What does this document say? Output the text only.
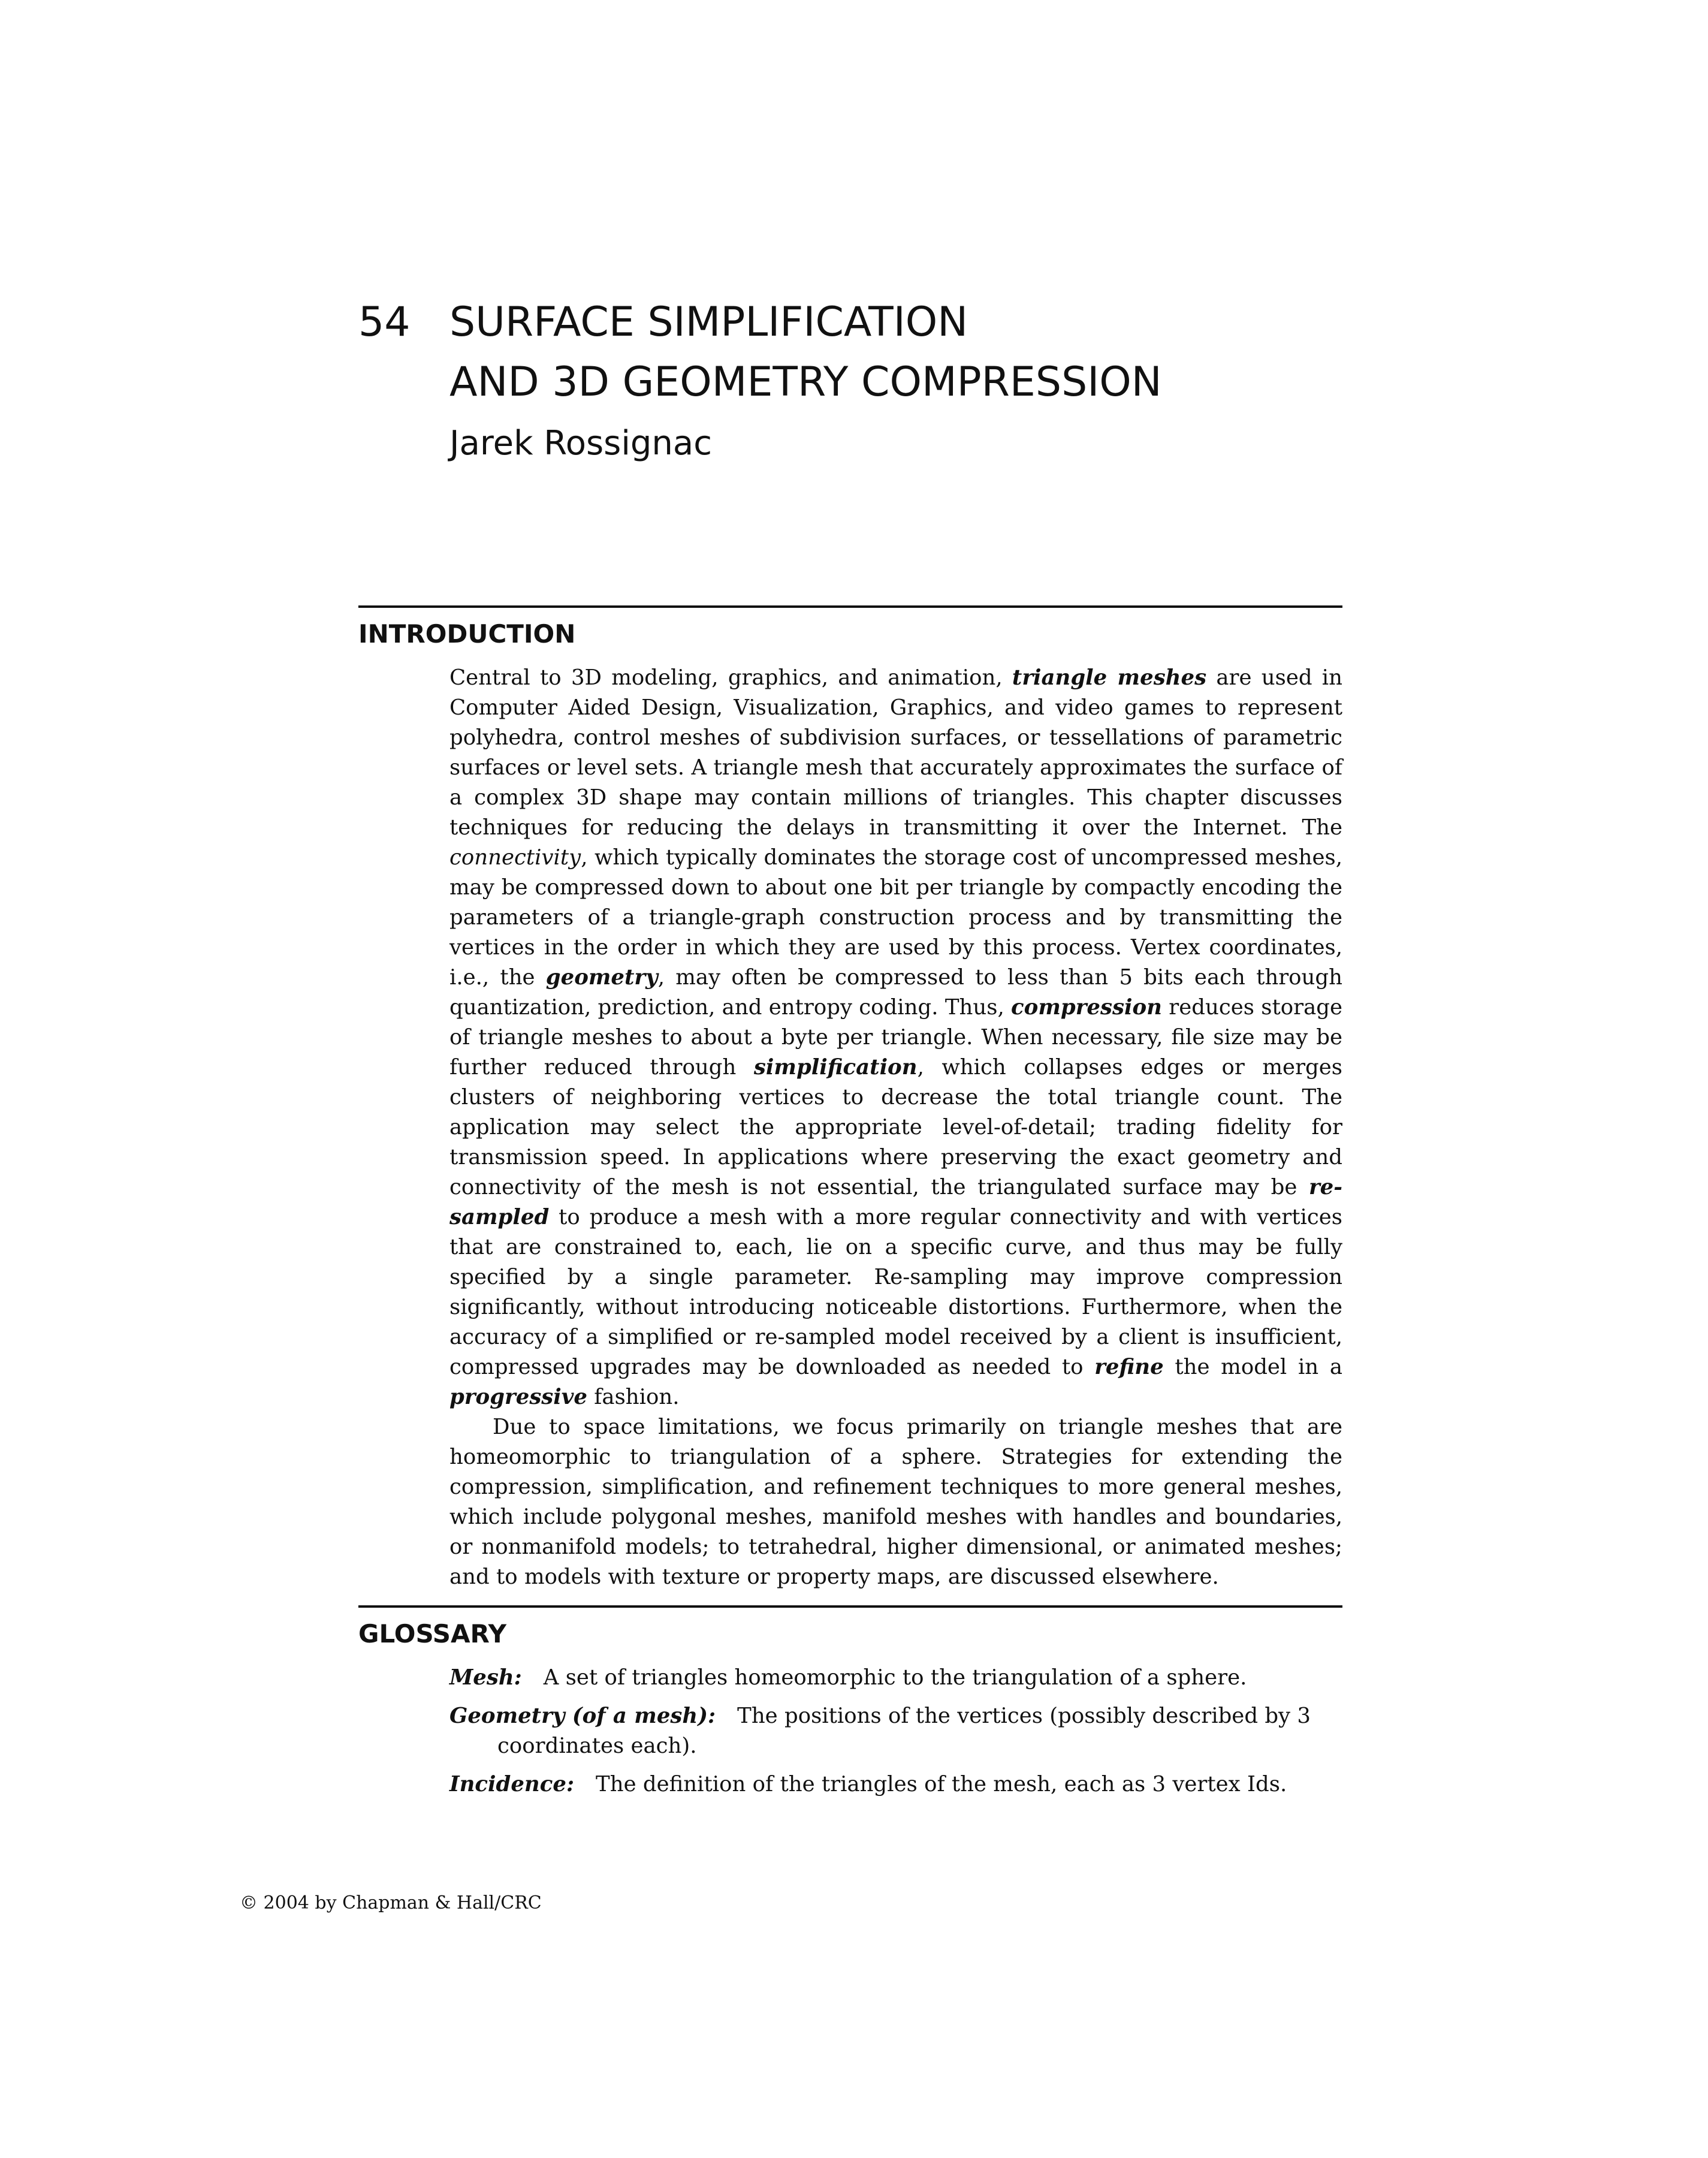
54 SURFACE SIMPLIFICATION
AND 3D GEOMETRY COMPRESSION
Jarek Rossignac
INTRODUCTION

Central to 3D modeling, graphics, and animation, triangle meshes are used in Computer Aided Design, Visualization, Graphics, and video games to represent polyhedra, control meshes of subdivision surfaces, or tessellations of parametric surfaces or level sets. A triangle mesh that accurately approximates the surface of a complex 3D shape may contain millions of triangles. This chapter discusses techniques for reducing the delays in transmitting it over the Internet. The connectivity, which typically dominates the storage cost of uncompressed meshes, may be compressed down to about one bit per triangle by compactly encoding the parameters of a triangle-graph construction process and by transmitting the vertices in the order in which they are used by this process. Vertex coordinates, i.e., the geometry, may often be compressed to less than 5 bits each through quantization, prediction, and entropy coding. Thus, compression reduces storage of triangle meshes to about a byte per triangle. When necessary, file size may be further reduced through simplification, which collapses edges or merges clusters of neighboring vertices to decrease the total triangle count. The application may select the appropriate level-of-detail; trading fidelity for transmission speed. In applications where preserving the exact geometry and connectivity of the mesh is not essential, the triangulated surface may be re-sampled to produce a mesh with a more regular connectivity and with vertices that are constrained to, each, lie on a specific curve, and thus may be fully specified by a single parameter. Re-sampling may improve compression significantly, without introducing noticeable distortions. Furthermore, when the accuracy of a simplified or re-sampled model received by a client is insufficient, compressed upgrades may be downloaded as needed to refine the model in a progressive fashion.

Due to space limitations, we focus primarily on triangle meshes that are homeomorphic to triangulation of a sphere. Strategies for extending the compression, simplification, and refinement techniques to more general meshes, which include polygonal meshes, manifold meshes with handles and boundaries, or nonmanifold models; to tetrahedral, higher dimensional, or animated meshes; and to models with texture or property maps, are discussed elsewhere.

GLOSSARY

Mesh: A set of triangles homeomorphic to the triangulation of a sphere.

Geometry (of a mesh): The positions of the vertices (possibly described by 3 coordinates each).

Incidence: The definition of the triangles of the mesh, each as 3 vertex Ids.

© 2004 by Chapman & Hall/CRC
